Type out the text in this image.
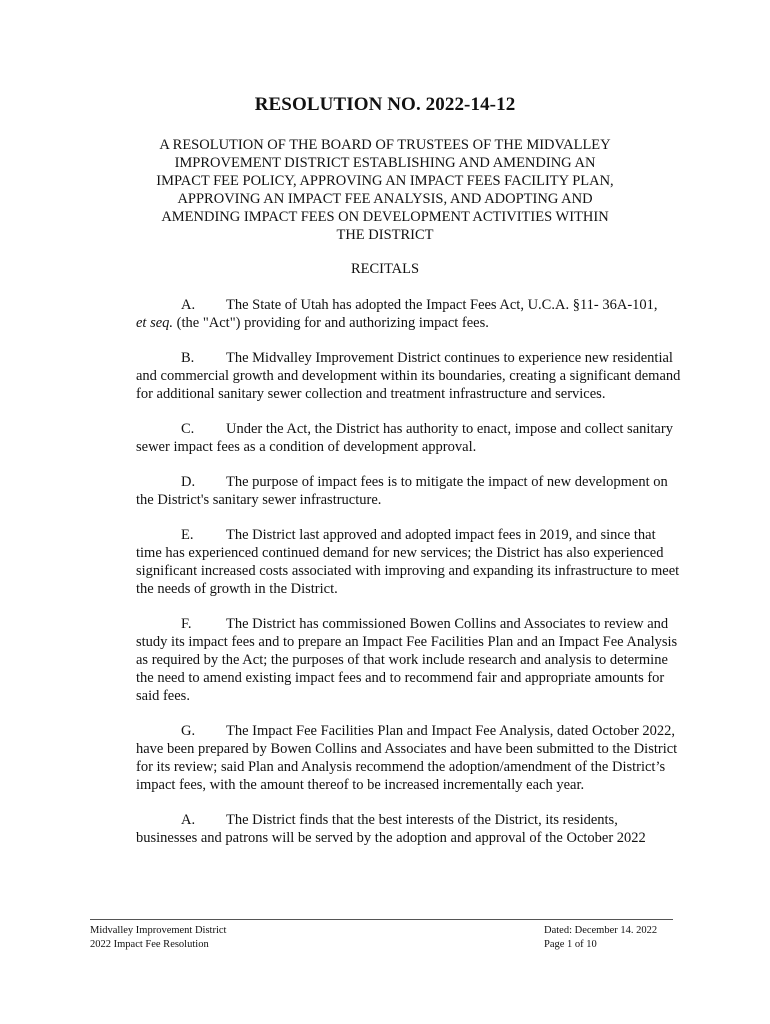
RESOLUTION NO. 2022-14-12
A RESOLUTION OF THE BOARD OF TRUSTEES OF THE MIDVALLEY
IMPROVEMENT DISTRICT ESTABLISHING AND AMENDING AN
IMPACT FEE POLICY, APPROVING AN IMPACT FEES FACILITY PLAN,
APPROVING AN IMPACT FEE ANALYSIS, AND ADOPTING AND
AMENDING IMPACT FEES ON DEVELOPMENT ACTIVITIES WITHIN
THE DISTRICT
RECITALS

A. The State of Utah has adopted the Impact Fees Act, U.C.A. §11- 36A-101,
et seq. (the "Act") providing for and authorizing impact fees.

B. The Midvalley Improvement District continues to experience new residential and commercial growth and development within its boundaries, creating a significant demand for additional sanitary sewer collection and treatment infrastructure and services.

C. Under the Act, the District has authority to enact, impose and collect sanitary sewer impact fees as a condition of development approval.

D. The purpose of impact fees is to mitigate the impact of new development on the District's sanitary sewer infrastructure.

E. The District last approved and adopted impact fees in 2019, and since that time has experienced continued demand for new services; the District has also experienced significant increased costs associated with improving and expanding its infrastructure to meet the needs of growth in the District.

F. The District has commissioned Bowen Collins and Associates to review and study its impact fees and to prepare an Impact Fee Facilities Plan and an Impact Fee Analysis as required by the Act; the purposes of that work include research and analysis to determine the need to amend existing impact fees and to recommend fair and appropriate amounts for said fees.

G. The Impact Fee Facilities Plan and Impact Fee Analysis, dated October 2022, have been prepared by Bowen Collins and Associates and have been submitted to the District for its review; said Plan and Analysis recommend the adoption/amendment of the District’s impact fees, with the amount thereof to be increased incrementally each year.

A. The District finds that the best interests of the District, its residents, businesses and patrons will be served by the adoption and approval of the October 2022

Midvalley Improvement District
2022 Impact Fee Resolution
Dated: December 14. 2022
Page 1 of 10
